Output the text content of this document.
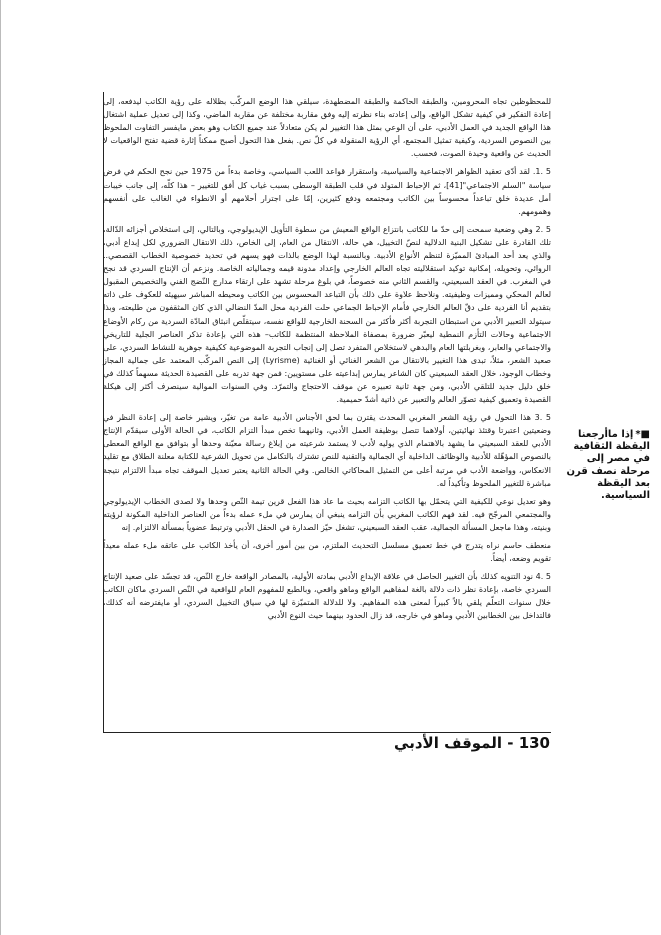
للمحظوظين تجاه المحرومين، والطبقة الحاكمة والطبقة المضطهدة، سيلقي هذا الوضع المركّب بظلاله على رؤية الكاتب ليدفعه، إلى إعادة التفكير في كيفية تشكل الواقع، وإلى إعادته بناء نظرته إليه وفق مقاربة مختلفة عن مقاربة الماضي، وكذا إلى تعديل عملية اشتغال هذا الواقع الجديد في العمل الأدبي، على أن الوعي بمثل هذا التغيير لم يكن متعادلاً عند جميع الكتاب وهو بعض مايفسر التفاوت الملحوظ بين النصوص السردية، وكيفية تمثيل المجتمع، أي الرؤية المنقولة في كلّ نص. بفعل هذا التحول أصبح ممكناً إثارة قضية تفتح الواقعيات لا الحديث عن واقعية وحيدة الصوت، فحسب.

5 .1. لقد أدّى تعقيد الظواهر الاجتماعية والسياسية، واستقرار قواعد اللعب السياسي، وخاصة بدءاً من 1975 حين نجح الحكم في فرض سياسة "السلم الاجتماعي"[41]، ثم الإحباط المتولد في قلب الطبقة الوسطى بسبب غياب كل أفق للتغيير – هذا كلّه، إلى جانب خيبات أمل عديدة خلق تباعداً محسوساً بين الكاتب ومجتمعه ودفع كثيرين، إمّا على اجترار أحلامهم أو الانطواء في الغالب على أنفسهم وهمومهم.

5 .2 وهي وضعية سمحت إلى حدّ ما للكاتب بانتزاع الواقع المعيش من سطوة التأويل الإيديولوجي، وبالتالي، إلى استخلاص أجزائه الدّالة، تلك القادرة على تشكيل البنية الدلالية لنصّ التخييل، هي حالة، الانتقال من العام، إلى الخاص، ذلك الانتقال الضروري لكل إبداع أدبي، والذي يعد أحد المبادئ المميّزة لتنظم الأنواع الأدبية. وبالنسبة لهذا الوضع بالذات فهو يسهم في تحديد خصوصية الخطاب القصصي.. الروائي، وتحويله، إمكانية توكيد استقلاليته تجاه العالم الخارجي وإعداد مدونة قيمه وجمالياته الخاصة. ونزعم أن الإنتاج السردي قد نجح في المغرب. في العقد السبعيني، والقسم الثاني منه خصوصاً، في بلوغ مرحلة تشهد على ارتقاء مدارج النّضج الفني والتخصيص المقبول لعالم المحكي ومميزات وظيفيته. ونلاحظ علاوة على ذلك بأن التباعد المحسوس بين الكاتب ومحيطه المباشر سيهيئه للعكوف على ذاته بتقديم أنا الفردية على دقّ العالم الخارجي فأمام الإحباط الجماعي حلت الفردية محل المدّ النضالي الذي كان المثقفون من طليعته، وبذا سيتولد التعبير الأدبي من استبطان التجربة أكثر فأكثر من السحنة الخارجية للواقع نفسه، سيتقلّص انبثاق المادّة السردية من ركام الأوضاع الاجتماعية وحالات التأزم النمطية ليعبّر ضرورة بمصفاة الملاحظة المنتظمة للكاتب– هذه التي بإعادة تذكر العناصر الجلية للتاريخي والاجتماعي والعابر، وبغربلتها العام والبدهي لاستخلاص المتفرد تصل إلى إنجاب التجربة الموضوعية ككيفية جوهرية للنشاط السردي، على صعيد الشعر، مثلاً، تبدى هذا التغيير بالانتقال من الشعر الغنائي أو الغنائية (Lyrisme) إلى النص المركّب المعتمد على جمالية المجاز وخطاب الوجود، خلال العقد السبعيني كان الشاعر يمارس إبداعيته على مستويين: فمن جهة تدربه على القصيدة الحديثة مسهماً كذلك في خلق دليل جديد للتلقي الأدبي، ومن جهة ثانية تعبيره عن موقف الاحتجاج والتمرّد. وفي السنوات الموالية سينصرف أكثر إلى هيكلة القصيدة وتعميق كيفية تصوّر العالم والتعبير عن ذاتية أشدّ حميمية.

5 .3 هذا التحول في رؤية الشعر المغربي المحدث يقترن بما لحق الأجناس الأدبية عامة من تغيّر، ويشير خاصة إلى إعادة النظر في وضعيتين اعتبرتا وقتئذ نهائيتين، أولاهما تتصل بوظيفة العمل الأدبي، وثانيهما تخص مبدأ التزام الكاتب، في الحالة الأولى سيقدّم الإنتاج الأدبي للعقد السبعيني ما يشهد بالاهتمام الذي يوليه لأدب لا يستمد شرعيته من إبلاغ رسالة معيّنة وحدها أو بتوافق مع الواقع المعطى بالنصوص المؤهّلة للأدبية والوظائف الداخلية أي الجمالية والتقنية للنص تشترك بالتكامل من تحويل الشرعية للكتابة معلنة الطلاق مع تقليد الانعكاس، وواضعة الأدب في مرتبة أعلى من التمثيل المحاكاتي الخالص. وفي الحالة الثانية يعتبر تعديل الموقف تجاه مبدأ الالتزام نتيجة مباشرة للتغيير الملحوظ وتأكيداً له.

وهو تعديل نوعي للكيفية التي يتحمّل بها الكاتب التزامه بحيث ما عاد هذا الفعل قرين تيمة النّص وحدها ولا لصدى الخطاب الإيديولوجي والمجتمعي المرجّح فيه. لقد فهم الكاتب المغربي بأن التزامه ينبغي أن يمارس في ملء عمله بدءاً من العناصر الداخلية المكونة لرؤيته وبنيته، وهذا ماجعل المسألة الجمالية، عقب العقد السبعيني، تشغل حيّز الصدارة في الحقل الأدبي وترتبط عضوياً بمسألة الالتزام. إنه

منعطف حاسم نراه يتدرج في خط تعميق مسلسل التحديث الملتزم، من بين أمور أخرى، أن يأخذ الكاتب على عاتقه ملء عمله معيداً تقويم وضعه، أيضاً.

5 .4 نود التنويه كذلك بأن التغيير الحاصل في علاقة الإبداع الأدبي بمادته الأولية، بالمصادر الواقعة خارج النّص، قد تجسّد على صعيد الإنتاج السردي خاصة، بإعادة نظر ذات دلالة بالغة لمفاهيم الواقع وماهو واقعي، وبالطبع للمفهوم العام للواقعية في النّص السردي ماكان الكاتب خلال سنوات التعلّم يلقي بالاً كبيراً لمعنى هذه المفاهيم. ولا للدلالة المتميّزة لها في سياق التخييل السردي، أو مايفترضه أنه كذلك، فالتداخل بين الخطابين الأدبي وماهو في خارجه، قد زال الحدود بينهما حيث النوع الأدبي

■*إذا ماأرجعنا اليقظة الثقافية في مصر إلى مرحلة نصف قرن بعد اليقظة السياسية.
130 - الموقف الأدبي
